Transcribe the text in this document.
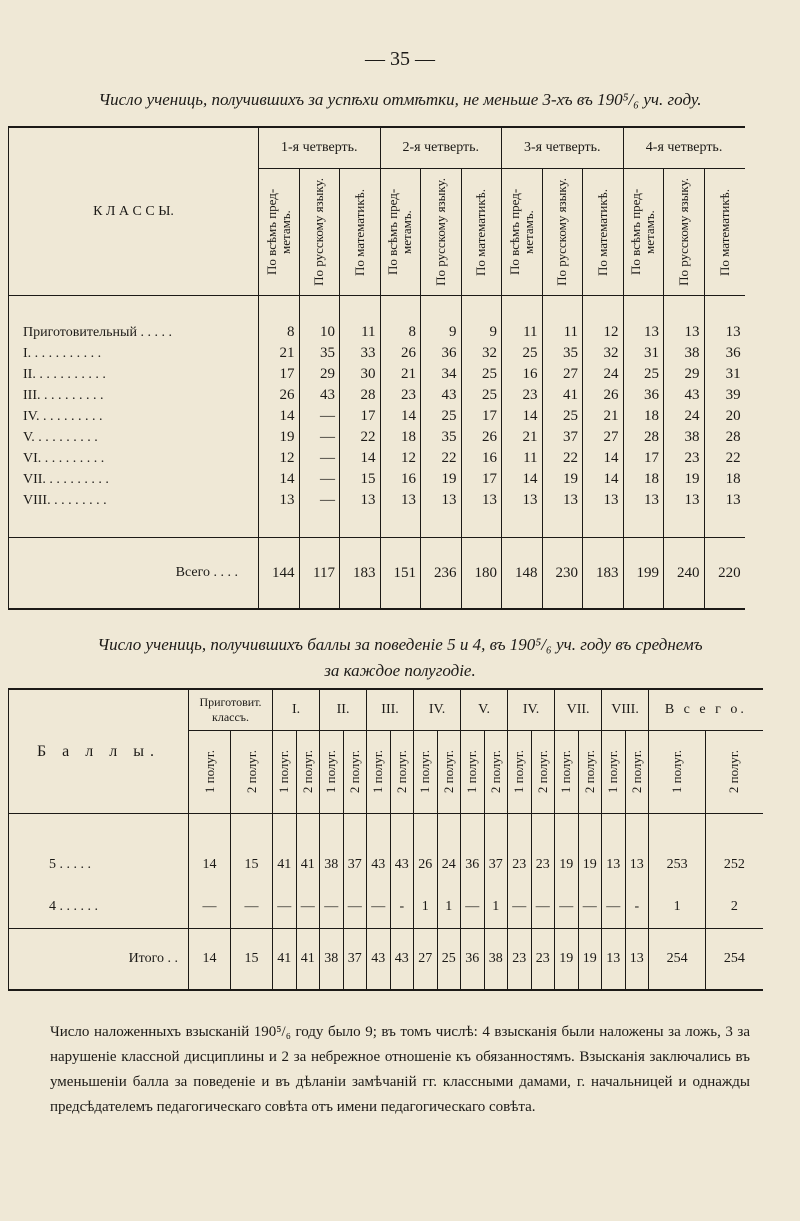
— 35 —
Число учениць, получившихъ за успѣхи отмѣтки, не меньше 3-хъ въ 190⁵/₆ уч. году.
К Л А С С Ы.	1-я четверть.			2-я четверть.			3-я четверть.			4-я четверть.		

	По всѣмъ пред-метамъ.	По русскому языку.	По математикѣ.	По всѣмъ пред-метамъ.	По русскому языку.	По математикѣ.	По всѣмъ пред-метамъ.	По русскому языку.	По математикѣ.	По всѣмъ пред-метамъ.	По русскому языку.	По математикѣ.

Приготовительный . . . . .	8	10	11	8	9	9	11	11	12	13	13	13
I. . . . . . . . . . .	21	35	33	26	36	32	25	35	32	31	38	36
II. . . . . . . . . . .	17	29	30	21	34	25	16	27	24	25	29	31
III. . . . . . . . . .	26	43	28	23	43	25	23	41	26	36	43	39
IV. . . . . . . . . .	14	—	17	14	25	17	14	25	21	18	24	20
V. . . . . . . . . .	19	—	22	18	35	26	21	37	27	28	38	28
VI. . . . . . . . . .	12	—	14	12	22	16	11	22	14	17	23	22
VII. . . . . . . . . .	14	—	15	16	19	17	14	19	14	18	19	18
VIII. . . . . . . . .	13	—	13	13	13	13	13	13	13	13	13	13

Всего . . . .	144	117	183	151	236	180	148	230	183	199	240	220
Число учениць, получившихъ баллы за поведеніе 5 и 4, въ 190⁵/₆ уч. году въ среднемъ
за каждое полугодіе.
Б а л л ы.	Приготовит. классъ.		I.		II.		III.		IV.		V.		IV.		VII.		VIII.		В с е г о.	

	1 полуг.	2 полуг.	1 полуг.	2 полуг.	1 полуг.	2 полуг.	1 полуг.	2 полуг.	1 полуг.	2 полуг.	1 полуг.	2 полуг.	1 полуг.	2 полуг.	1 полуг.	2 полуг.	1 полуг.	2 полуг.	1 полуг.	2 полуг.

5 . . . . .	14	15	41	41	38	37	43	43	26	24	36	37	23	23	19	19	13	13	253	252
4 . . . . . .	—	—	—	—	—	—	—	-	1	1	—	1	—	—	—	—	—	-	1	2
Итого . .	14	15	41	41	38	37	43	43	27	25	36	38	23	23	19	19	13	13	254	254
Число наложенныхъ взысканій 190⁵/₆ году было 9; въ томъ числѣ: 4 взысканія были наложены за ложь, 3 за нарушеніе классной дисциплины и 2 за небрежное отношеніе къ обязанностямъ. Взысканія заключались въ уменьшеніи балла за поведеніе и въ дѣланіи замѣчаній гг. классными дамами, г. начальницей и однажды предсѣдателемъ педагогическаго совѣта отъ имени педагогическаго совѣта.
